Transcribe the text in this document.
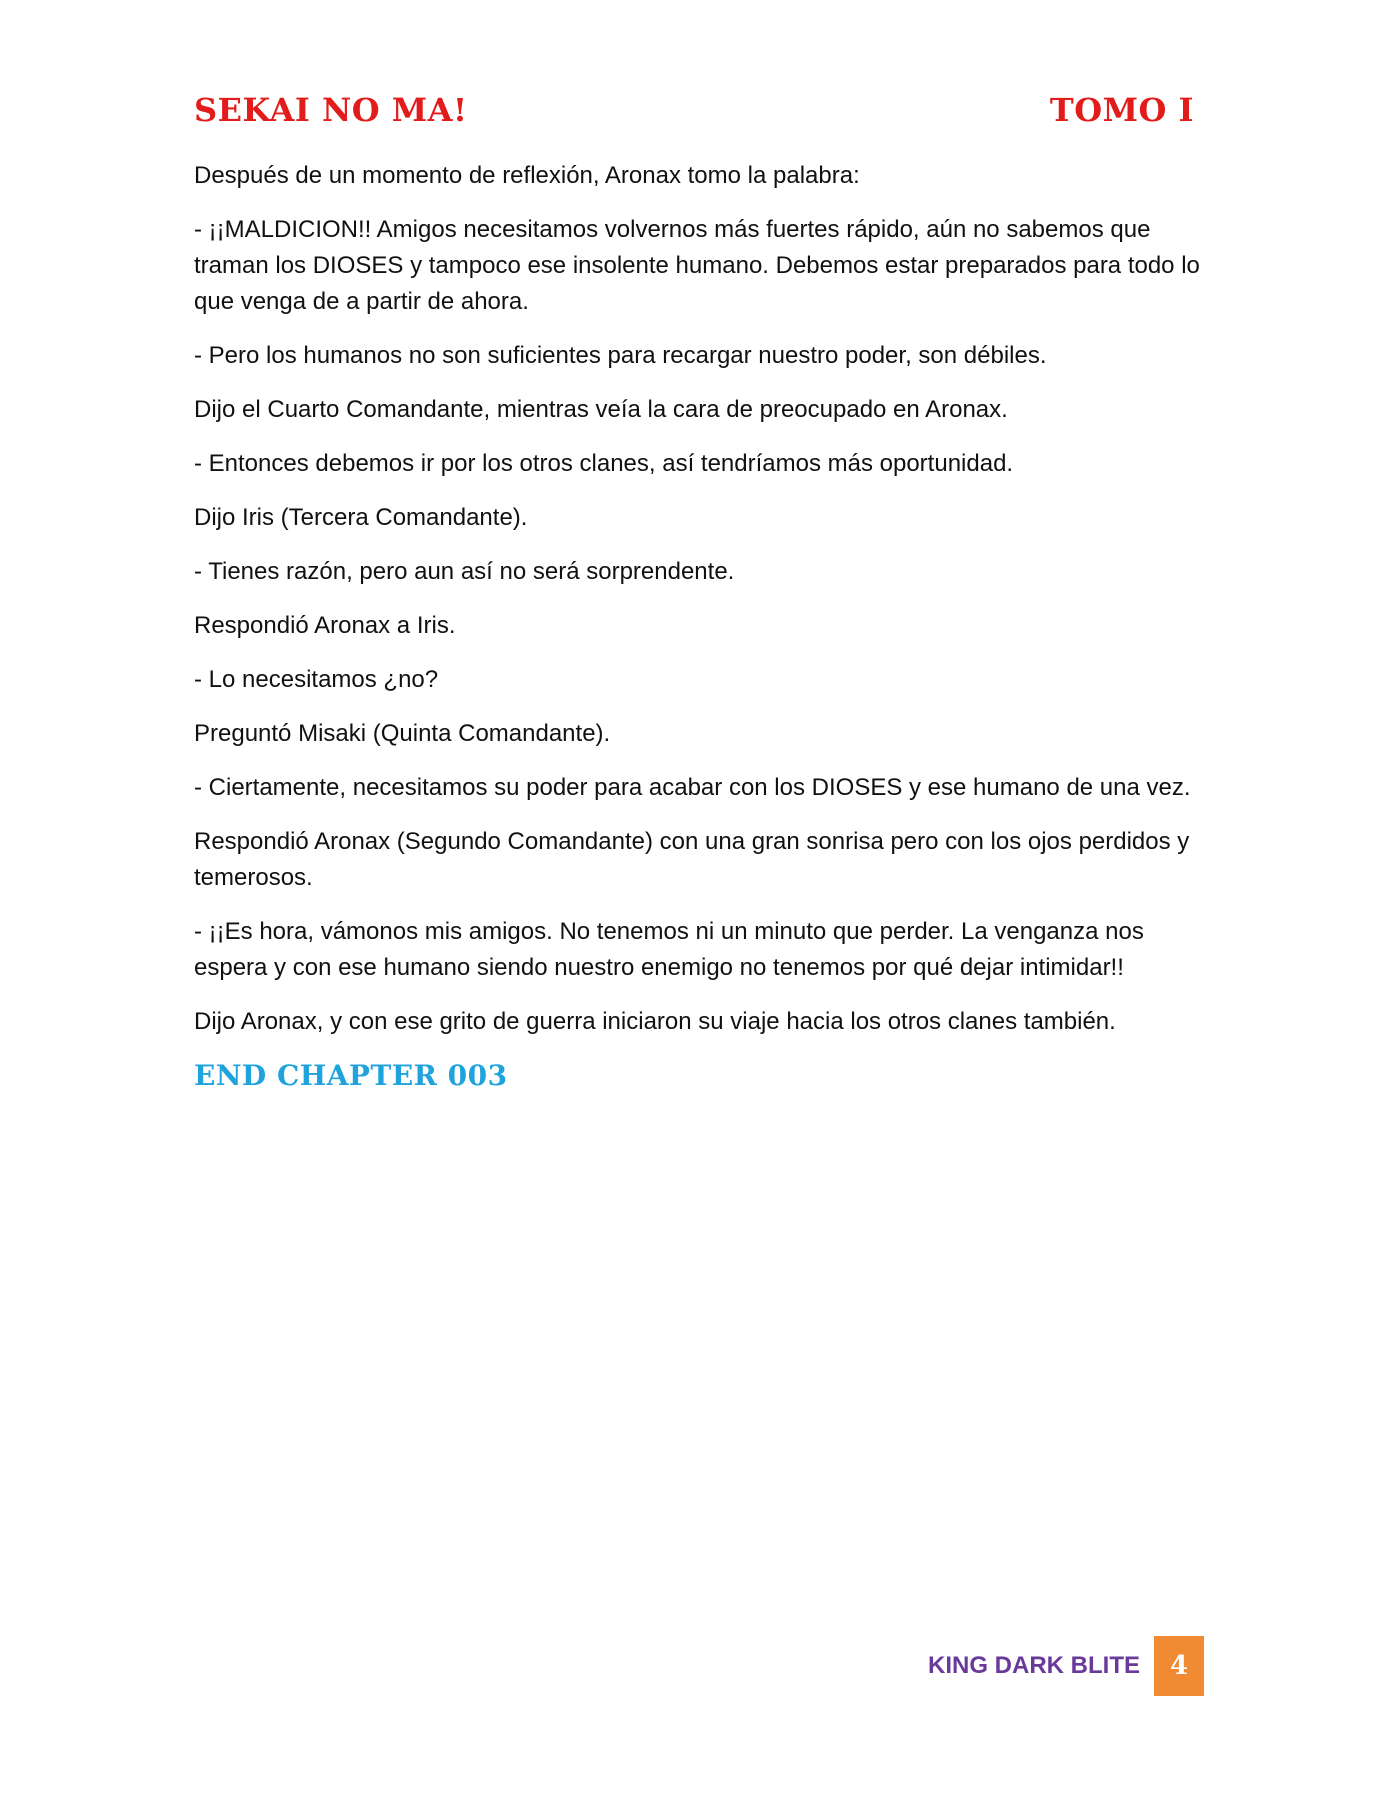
SEKAI NO MA!	TOMO I

Después de un momento de reflexión, Aronax tomo la palabra:

- ¡¡MALDICION!! Amigos necesitamos volvernos más fuertes rápido, aún no sabemos que traman los DIOSES y tampoco ese insolente humano. Debemos estar preparados para todo lo que venga de a partir de ahora.

- Pero los humanos no son suficientes para recargar nuestro poder, son débiles.

Dijo el Cuarto Comandante, mientras veía la cara de preocupado en Aronax.

- Entonces debemos ir por los otros clanes, así tendríamos más oportunidad.

Dijo Iris (Tercera Comandante).

- Tienes razón, pero aun así no será sorprendente.

Respondió Aronax a Iris.

- Lo necesitamos ¿no?

Preguntó Misaki (Quinta Comandante).

- Ciertamente, necesitamos su poder para acabar con los DIOSES y ese humano de una vez.

Respondió Aronax (Segundo Comandante) con una gran sonrisa pero con los ojos perdidos y temerosos.

- ¡¡Es hora, vámonos mis amigos. No tenemos ni un minuto que perder. La venganza nos espera y con ese humano siendo nuestro enemigo no tenemos por qué dejar intimidar!!

Dijo Aronax, y con ese grito de guerra iniciaron su viaje hacia los otros clanes también.

END CHAPTER 003
KING DARK BLITE	4
